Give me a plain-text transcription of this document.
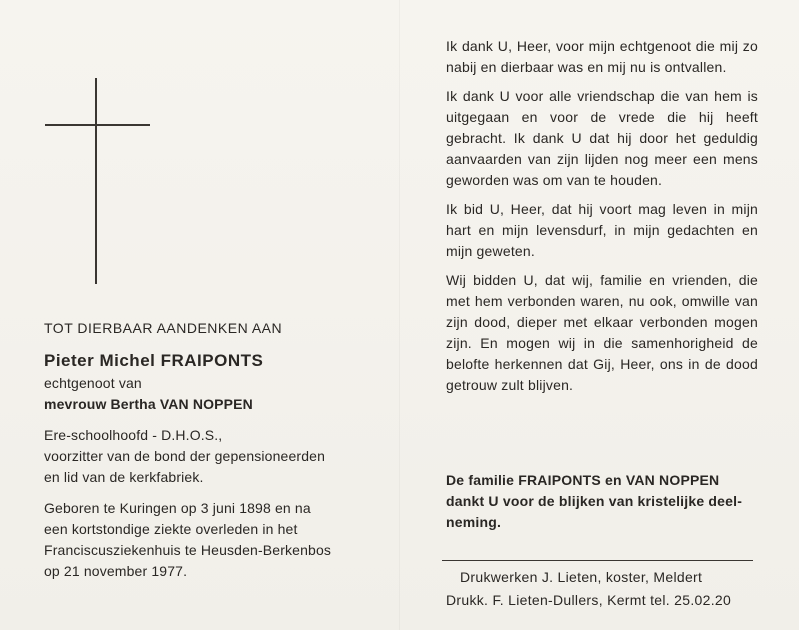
TOT DIERBAAR AANDENKEN AAN

Pieter Michel FRAIPONTS

echtgenoot van

mevrouw Bertha VAN NOPPEN

Ere-schoolhoofd - D.H.O.S.,

voorzitter van de bond der gepensioneerden

en lid van de kerkfabriek.

Geboren te Kuringen op 3 juni 1898 en na

een kortstondige ziekte overleden in het

Franciscusziekenhuis te Heusden-Berkenbos

op 21 november 1977.

Ik dank U, Heer, voor mijn echtgenoot die mij zo nabij en dierbaar was en mij nu is ontvallen.

Ik dank U voor alle vriendschap die van hem is uitgegaan en voor de vrede die hij heeft gebracht. Ik dank U dat hij door het geduldig aanvaarden van zijn lijden nog meer een mens geworden was om van te houden.

Ik bid U, Heer, dat hij voort mag leven in mijn hart en mijn levensdurf, in mijn gedachten en mijn geweten.

Wij bidden U, dat wij, familie en vrienden, die met hem verbonden waren, nu ook, omwille van zijn dood, dieper met elkaar verbonden mogen zijn. En mogen wij in die samenhorigheid de belofte herkennen dat Gij, Heer, ons in de dood getrouw zult blijven.

De familie FRAIPONTS en VAN NOPPEN

dankt U voor de blijken van kristelijke deel-

neming.

Drukwerken J. Lieten, koster, Meldert

Drukk. F. Lieten-Dullers, Kermt tel. 25.02.20
